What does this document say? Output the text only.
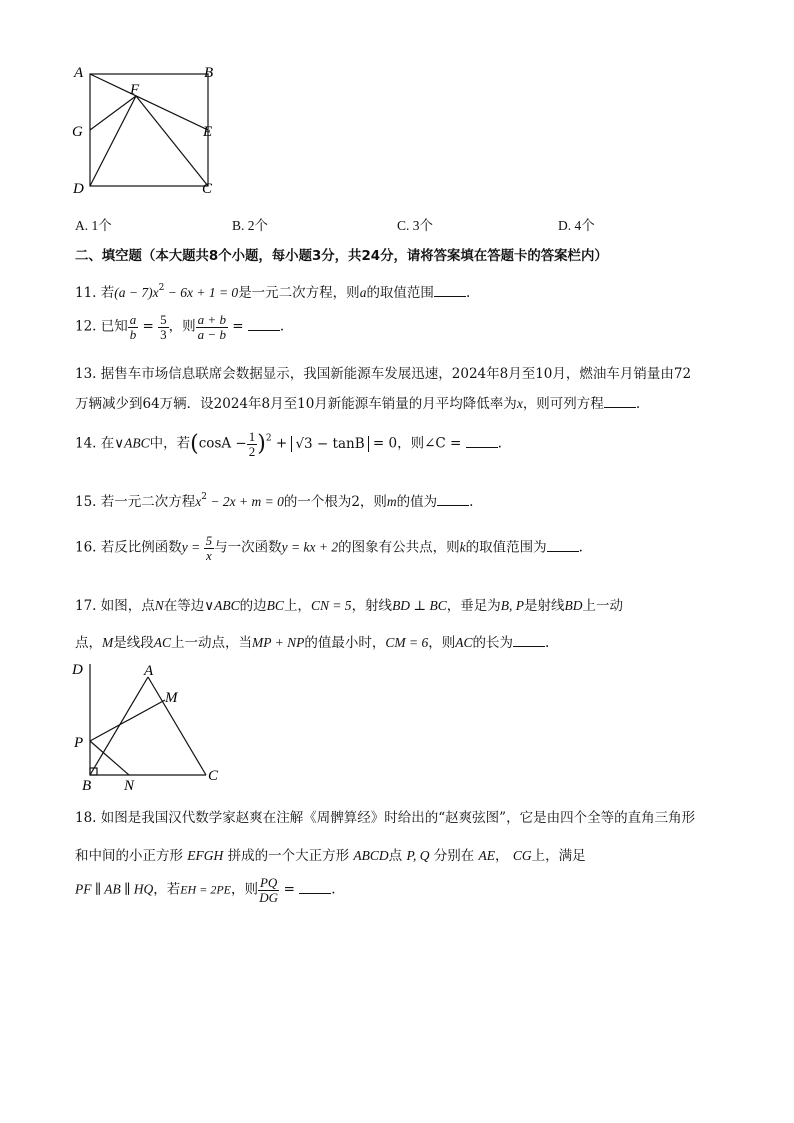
A	B
F
G	E
D	C
A. 1个	B. 2个	C. 3个	D. 4个
二、填空题（本大题共8个小题，每小题3分，共24分，请将答案填在答题卡的答案栏内）
11. 若$(a - 7)x^2 - 6x + 1 = 0$是一元二次方程，则a的取值范围 .
12. 已知 $\frac{a}{b} = \frac{5}{3}$ ，则 $\frac{a + b}{a - b}$ = .
13. 据售车市场信息联席会数据显示，我国新能源车发展迅速，2024年8月至10月，燃油车月销量由72
万辆减少到64万辆．设2024年8月至10月新能源车销量的月平均降低率为x，则可列方程 .
14. 在∨ABC中，若$(\cos A - \frac{1}{2} )^2 + √3 - \tan B = 0$，则∠C = .
15. 若一元二次方程$x^2 - 2x + m = 0$的一个根为2，则m的值为 .
16. 若反比例函数$y = \frac{5}{x}$ 与一次函数y = kx + 2的图象有公共点，则k的取值范围为 .
17. 如图，点N在等边∨ABC的边BC上，CN = 5，射线BD ⊥ BC，垂足为B, P是射线BD上一动
点，M是线段AC上一动点，当MP + NP的值最小时，CM = 6，则AC的长为 .
D	A
M
P
B N
C
18. 如图是我国汉代数学家赵爽在注解《周髀算经》时给出的“赵爽弦图”，它是由四个全等的直角三角形
和中间的小正方形 EFGH 拼成的一个大正方形 ABCD点 P, Q 分别在 AE， CG上，满足
PF ∥ AB ∥ HQ，若EH = 2PE，则 $\frac{PQ}{DG}$ = .
